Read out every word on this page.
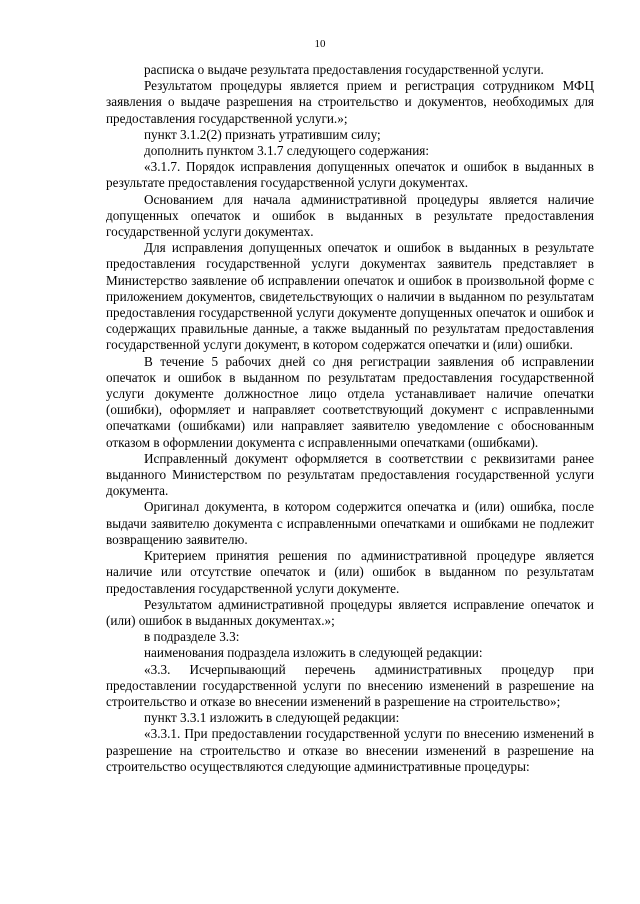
10

расписка о выдаче результата предоставления государственной услуги.

Результатом процедуры является прием и регистрация сотрудником МФЦ заявления о выдаче разрешения на строительство и документов, необходимых для предоставления государственной услуги.»;

пункт 3.1.2(2) признать утратившим силу;

дополнить пунктом 3.1.7 следующего содержания:

«3.1.7. Порядок исправления допущенных опечаток и ошибок в выданных в результате предоставления государственной услуги документах.

Основанием для начала административной процедуры является наличие допущенных опечаток и ошибок в выданных в результате предоставления государственной услуги документах.

Для исправления допущенных опечаток и ошибок в выданных в результате предоставления государственной услуги документах заявитель представляет в Министерство заявление об исправлении опечаток и ошибок в произвольной форме с приложением документов, свидетельствующих о наличии в выданном по результатам предоставления государственной услуги документе допущенных опечаток и ошибок и содержащих правильные данные, а также выданный по результатам предоставления государственной услуги документ, в котором содержатся опечатки и (или) ошибки.

В течение 5 рабочих дней со дня регистрации заявления об исправлении опечаток и ошибок в выданном по результатам предоставления государственной услуги документе должностное лицо отдела устанавливает наличие опечатки (ошибки), оформляет и направляет соответствующий документ с исправленными опечатками (ошибками) или направляет заявителю уведомление с обоснованным отказом в оформлении документа с исправленными опечатками (ошибками).

Исправленный документ оформляется в соответствии с реквизитами ранее выданного Министерством по результатам предоставления государственной услуги документа.

Оригинал документа, в котором содержится опечатка и (или) ошибка, после выдачи заявителю документа с исправленными опечатками и ошибками не подлежит возвращению заявителю.

Критерием принятия решения по административной процедуре является наличие или отсутствие опечаток и (или) ошибок в выданном по результатам предоставления государственной услуги документе.

Результатом административной процедуры является исправление опечаток и (или) ошибок в выданных документах.»;

в подразделе 3.3:

наименования подраздела изложить в следующей редакции:

«3.3. Исчерпывающий перечень административных процедур при предоставлении государственной услуги по внесению изменений в разрешение на строительство и отказе во внесении изменений в разрешение на строительство»;

пункт 3.3.1 изложить в следующей редакции:

«3.3.1. При предоставлении государственной услуги по внесению изменений в разрешение на строительство и отказе во внесении изменений в разрешение на строительство осуществляются следующие административные процедуры:
